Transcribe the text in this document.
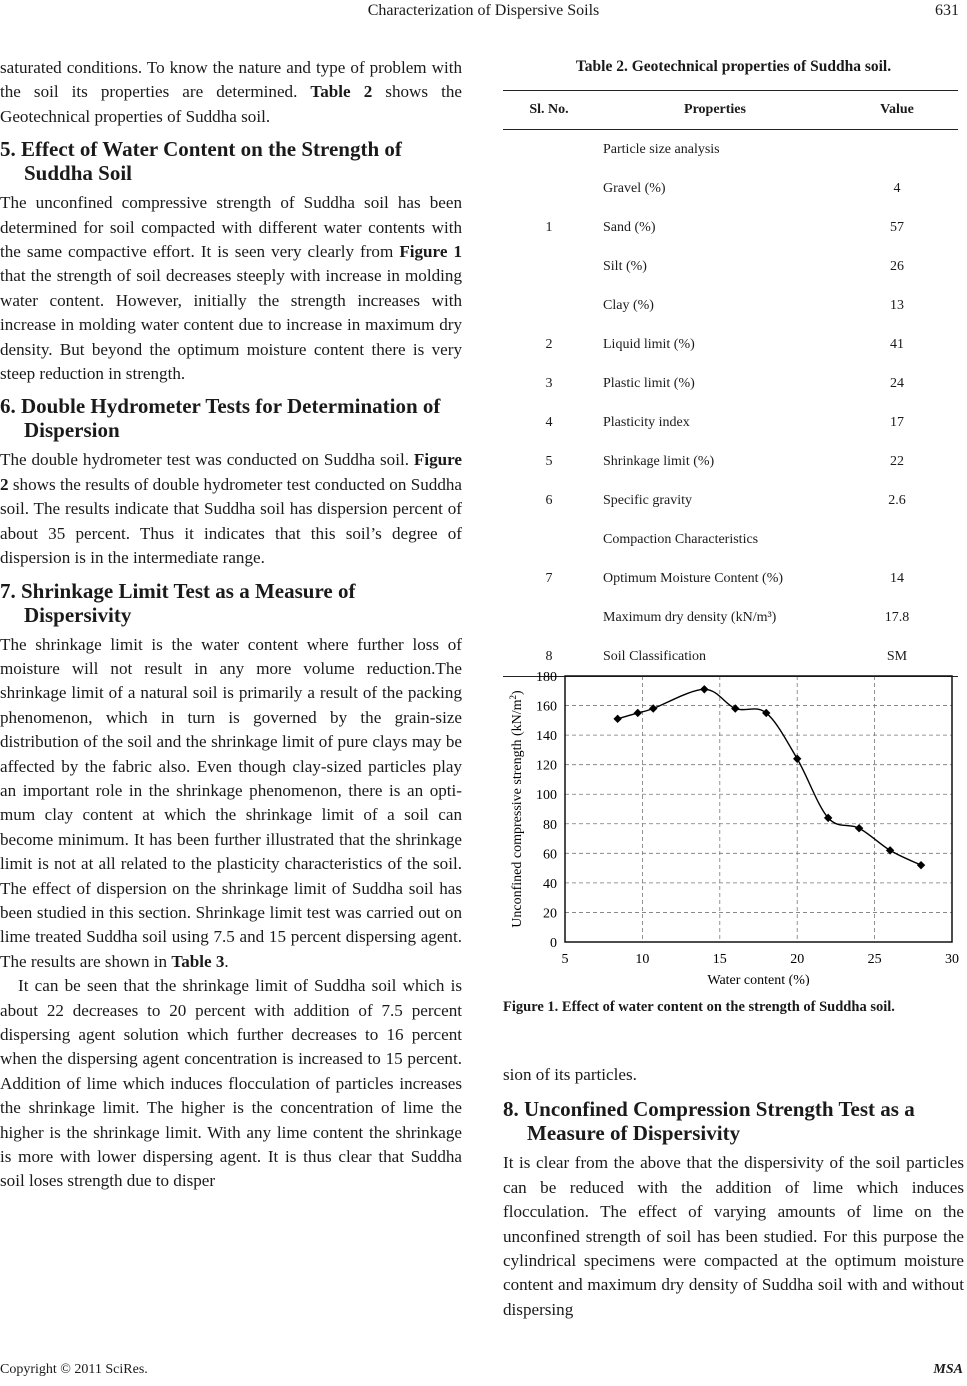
Characterization of Dispersive Soils	631

saturated conditions. To know the nature and type of problem with the soil its properties are determined. Table 2 shows the Geotechnical properties of Suddha soil.

5. Effect of Water Content on the Strength of Suddha Soil

The unconfined compressive strength of Suddha soil has been determined for soil compacted with different water contents with the same compactive effort. It is seen very clearly from Figure 1 that the strength of soil decreases steeply with increase in molding water content. However, initially the strength increases with increase in molding water content due to increase in maximum dry density. But beyond the optimum moisture content there is very steep reduction in strength.

6. Double Hydrometer Tests for Determination of Dispersion

The double hydrometer test was conducted on Suddha soil. Figure 2 shows the results of double hydrometer test conducted on Suddha soil. The results indicate that Suddha soil has dispersion percent of about 35 percent. Thus it indicates that this soil’s degree of dispersion is in the intermediate range.

7. Shrinkage Limit Test as a Measure of Dispersivity

The shrinkage limit is the water content where further loss of moisture will not result in any more volume reduction.The shrinkage limit of a natural soil is primarily a result of the packing phenomenon, which in turn is governed by the grain-size distribution of the soil and the shrinkage limit of pure clays may be affected by the fabric also. Even though clay-sized particles play an important role in the shrinkage phenomenon, there is an optimum clay content at which the shrinkage limit of a soil can become minimum. It has been further illustrated that the shrinkage limit is not at all related to the plasticity characteristics of the soil. The effect of dispersion on the shrinkage limit of Suddha soil has been studied in this section. Shrinkage limit test was carried out on lime treated Suddha soil using 7.5 and 15 percent dispersing agent. The results are shown in Table 3.

It can be seen that the shrinkage limit of Suddha soil which is about 22 decreases to 20 percent with addition of 7.5 percent dispersing agent solution which further decreases to 16 percent when the dispersing agent concentration is increased to 15 percent. Addition of lime which induces flocculation of particles increases the shrinkage limit. The higher is the concentration of lime the higher is the shrinkage limit. With any lime content the shrinkage is more with lower dispersing agent. It is thus clear that Suddha soil loses strength due to disper

Table 2. Geotechnical properties of Suddha soil.
Sl. No.	Properties	Value
	Particle size analysis	
	Gravel (%)	4
1	Sand (%)	57
	Silt (%)	26
	Clay (%)	13
2	Liquid limit (%)	41
3	Plastic limit (%)	24
4	Plasticity index	17
5	Shrinkage limit (%)	22
6	Specific gravity	2.6
	Compaction Characteristics	
7	Optimum Moisture Content (%)	14
	Maximum dry density (kN/m³)	17.8
8	Soil Classification	SM
0
20
40
60
80
100
120
140
160
180
5	10	15	20	25	30
Water content (%)
Unconfined compressive strength $(kN/m^2)$
Figure 1. Effect of water content on the strength of Suddha soil.

sion of its particles.

8. Unconfined Compression Strength Test as a Measure of Dispersivity

It is clear from the above that the dispersivity of the soil particles can be reduced with the addition of lime which induces flocculation. The effect of varying amounts of lime on the unconfined strength of soil has been studied. For this purpose the cylindrical specimens were compacted at the optimum moisture content and maximum dry density of Suddha soil with and without dispersing

Copyright © 2011 SciRes.	MSA
